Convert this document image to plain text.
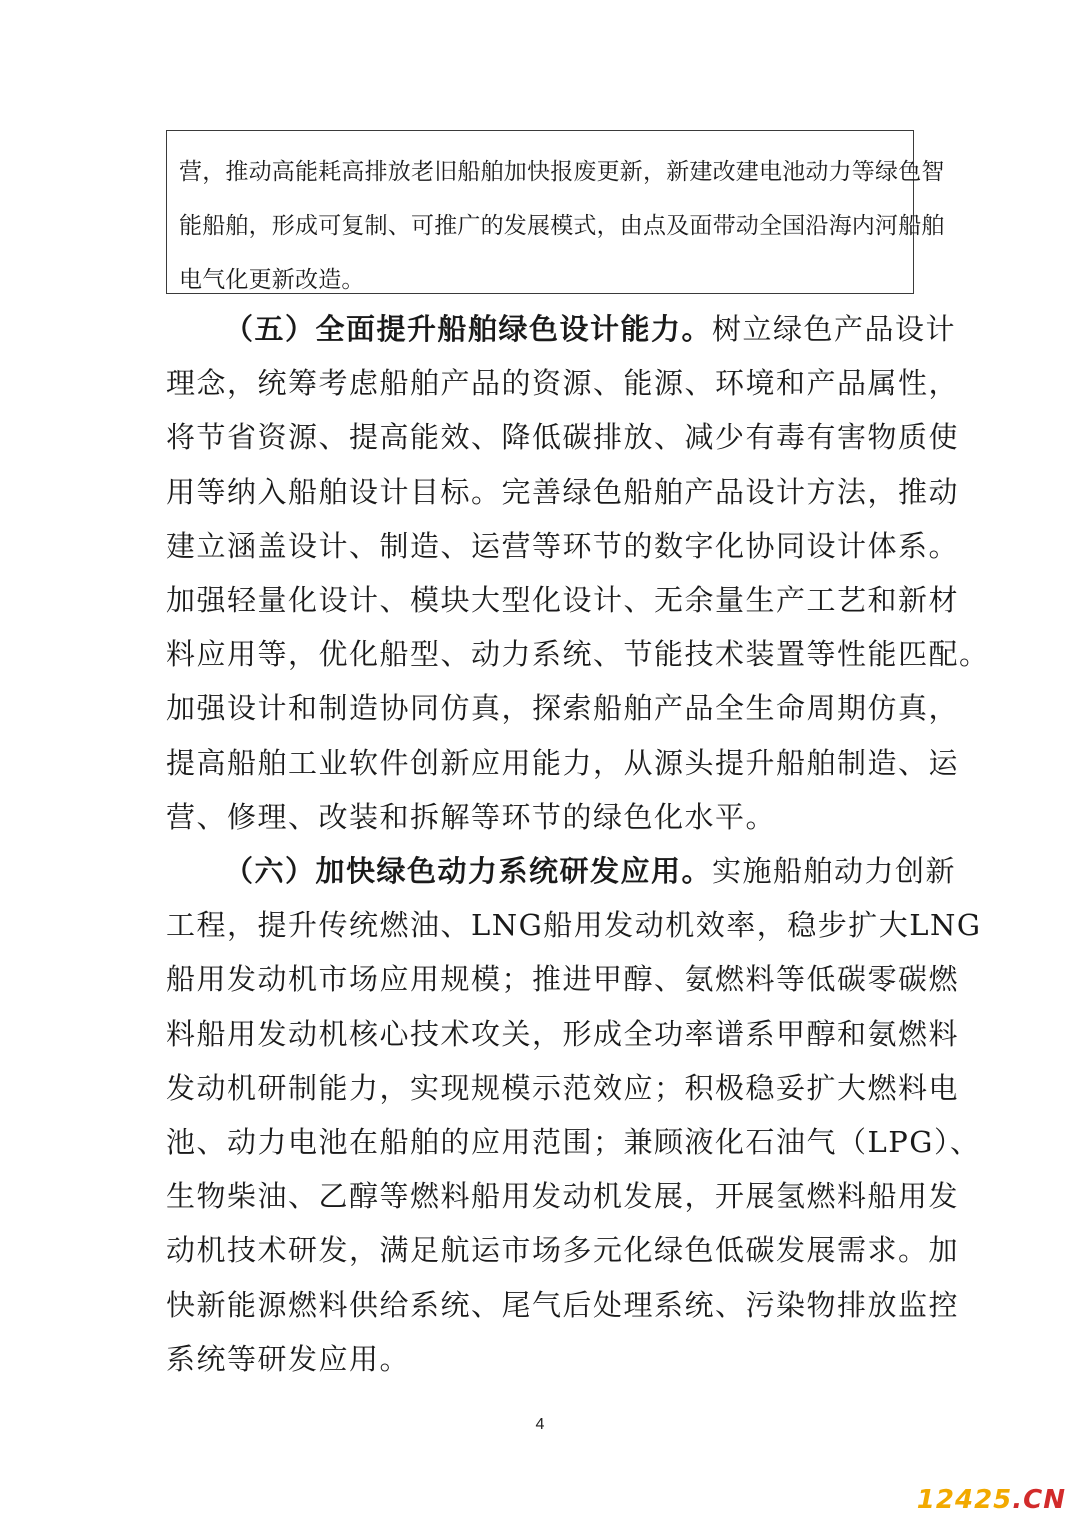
营，推动高能耗高排放老旧船舶加快报废更新，新建改建电池动力等绿色智
能船舶，形成可复制、可推广的发展模式，由点及面带动全国沿海内河船舶
电气化更新改造。
（五）全面提升船舶绿色设计能力。树立绿色产品设计
理念，统筹考虑船舶产品的资源、能源、环境和产品属性，
将节省资源、提高能效、降低碳排放、减少有毒有害物质使
用等纳入船舶设计目标。完善绿色船舶产品设计方法，推动
建立涵盖设计、制造、运营等环节的数字化协同设计体系。
加强轻量化设计、模块大型化设计、无余量生产工艺和新材
料应用等，优化船型、动力系统、节能技术装置等性能匹配。
加强设计和制造协同仿真，探索船舶产品全生命周期仿真，
提高船舶工业软件创新应用能力，从源头提升船舶制造、运
营、修理、改装和拆解等环节的绿色化水平。
（六）加快绿色动力系统研发应用。实施船舶动力创新
工程，提升传统燃油、LNG船用发动机效率，稳步扩大LNG
船用发动机市场应用规模；推进甲醇、氨燃料等低碳零碳燃
料船用发动机核心技术攻关，形成全功率谱系甲醇和氨燃料
发动机研制能力，实现规模示范效应；积极稳妥扩大燃料电
池、动力电池在船舶的应用范围；兼顾液化石油气（LPG）、
生物柴油、乙醇等燃料船用发动机发展，开展氢燃料船用发
动机技术研发，满足航运市场多元化绿色低碳发展需求。加
快新能源燃料供给系统、尾气后处理系统、污染物排放监控
系统等研发应用。
4
12425.CN
